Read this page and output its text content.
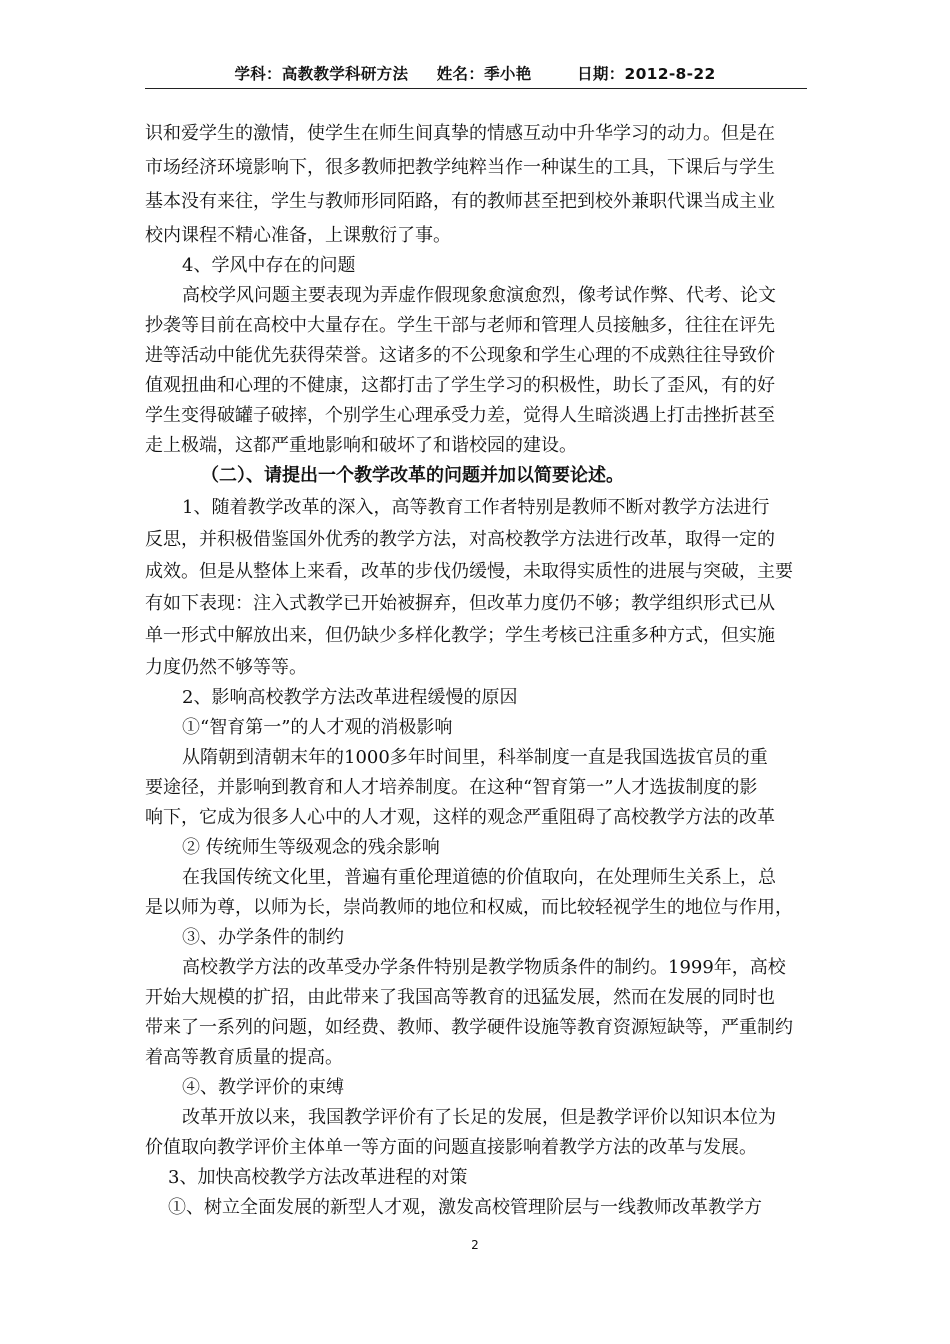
学科：高教教学科研方法     姓名：季小艳        日期：2012-8-22
识和爱学生的激情，使学生在师生间真挚的情感互动中升华学习的动力。但是在
市场经济环境影响下，很多教师把教学纯粹当作一种谋生的工具，下课后与学生
基本没有来往，学生与教师形同陌路，有的教师甚至把到校外兼职代课当成主业
校内课程不精心准备，上课敷衍了事。
4、学风中存在的问题
高校学风问题主要表现为弄虚作假现象愈演愈烈，像考试作弊、代考、论文
抄袭等目前在高校中大量存在。学生干部与老师和管理人员接触多，往往在评先
进等活动中能优先获得荣誉。这诸多的不公现象和学生心理的不成熟往往导致价
值观扭曲和心理的不健康，这都打击了学生学习的积极性，助长了歪风，有的好
学生变得破罐子破摔，个别学生心理承受力差，觉得人生暗淡遇上打击挫折甚至
走上极端，这都严重地影响和破坏了和谐校园的建设。
（二）、请提出一个教学改革的问题并加以简要论述。
1、随着教学改革的深入，高等教育工作者特别是教师不断对教学方法进行
反思，并积极借鉴国外优秀的教学方法，对高校教学方法进行改革，取得一定的
成效。但是从整体上来看，改革的步伐仍缓慢，未取得实质性的进展与突破，主要
有如下表现：注入式教学已开始被摒弃，但改革力度仍不够；教学组织形式已从
单一形式中解放出来，但仍缺少多样化教学；学生考核已注重多种方式，但实施
力度仍然不够等等。
2、影响高校教学方法改革进程缓慢的原因
①“智育第一”的人才观的消极影响
从隋朝到清朝末年的1000多年时间里，科举制度一直是我国选拔官员的重
要途径，并影响到教育和人才培养制度。在这种“智育第一”人才选拔制度的影
响下，它成为很多人心中的人才观，这样的观念严重阻碍了高校教学方法的改革
② 传统师生等级观念的残余影响
在我国传统文化里，普遍有重伦理道德的价值取向，在处理师生关系上，总
是以师为尊，以师为长，崇尚教师的地位和权威，而比较轻视学生的地位与作用，
③、办学条件的制约
高校教学方法的改革受办学条件特别是教学物质条件的制约。1999年，高校
开始大规模的扩招，由此带来了我国高等教育的迅猛发展，然而在发展的同时也
带来了一系列的问题，如经费、教师、教学硬件设施等教育资源短缺等，严重制约
着高等教育质量的提高。
④、教学评价的束缚
改革开放以来，我国教学评价有了长足的发展，但是教学评价以知识本位为
价值取向教学评价主体单一等方面的问题直接影响着教学方法的改革与发展。
3、加快高校教学方法改革进程的对策
①、树立全面发展的新型人才观，激发高校管理阶层与一线教师改革教学方
2
